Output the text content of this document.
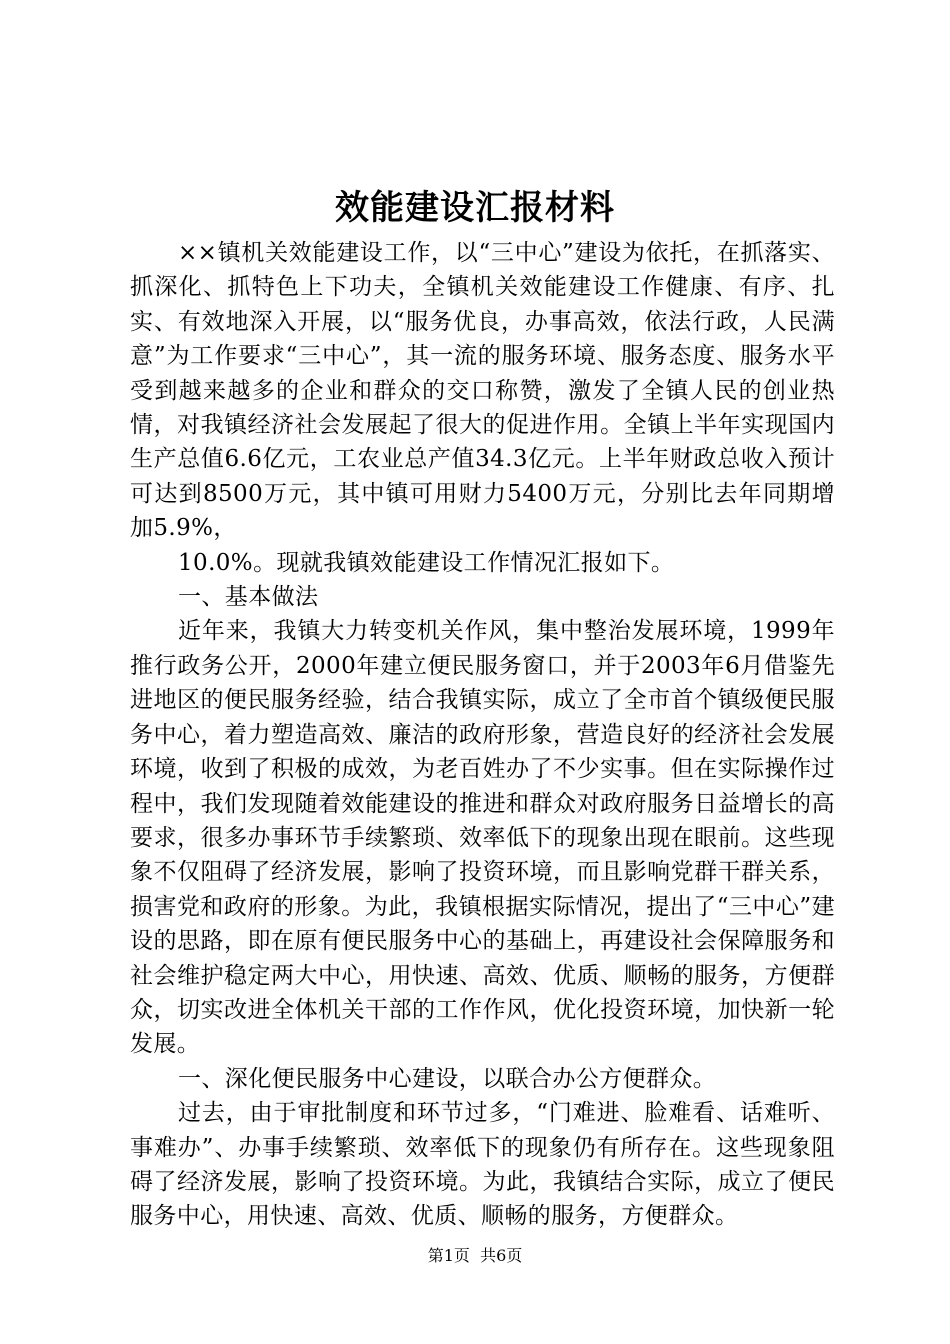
效能建设汇报材料

××镇机关效能建设工作，以“三中心”建设为依托，在抓落实、抓深化、抓特色上下功夫，全镇机关效能建设工作健康、有序、扎实、有效地深入开展，以“服务优良，办事高效，依法行政，人民满意”为工作要求“三中心”，其一流的服务环境、服务态度、服务水平受到越来越多的企业和群众的交口称赞，激发了全镇人民的创业热情，对我镇经济社会发展起了很大的促进作用。全镇上半年实现国内生产总值6.6亿元，工农业总产值34.3亿元。上半年财政总收入预计可达到8500万元，其中镇可用财力5400万元，分别比去年同期增加5.9%，

10.0%。现就我镇效能建设工作情况汇报如下。

一、基本做法

近年来，我镇大力转变机关作风，集中整治发展环境，1999年推行政务公开，2000年建立便民服务窗口，并于2003年6月借鉴先进地区的便民服务经验，结合我镇实际，成立了全市首个镇级便民服务中心，着力塑造高效、廉洁的政府形象，营造良好的经济社会发展环境，收到了积极的成效，为老百姓办了不少实事。但在实际操作过程中，我们发现随着效能建设的推进和群众对政府服务日益增长的高要求，很多办事环节手续繁琐、效率低下的现象出现在眼前。这些现象不仅阻碍了经济发展，影响了投资环境，而且影响党群干群关系，损害党和政府的形象。为此，我镇根据实际情况，提出了“三中心”建设的思路，即在原有便民服务中心的基础上，再建设社会保障服务和社会维护稳定两大中心，用快速、高效、优质、顺畅的服务，方便群众，切实改进全体机关干部的工作作风，优化投资环境，加快新一轮发展。

一、深化便民服务中心建设，以联合办公方便群众。

过去，由于审批制度和环节过多，“门难进、脸难看、话难听、事难办”、办事手续繁琐、效率低下的现象仍有所存在。这些现象阻碍了经济发展，影响了投资环境。为此，我镇结合实际，成立了便民服务中心，用快速、高效、优质、顺畅的服务，方便群众。

第1页 共6页
